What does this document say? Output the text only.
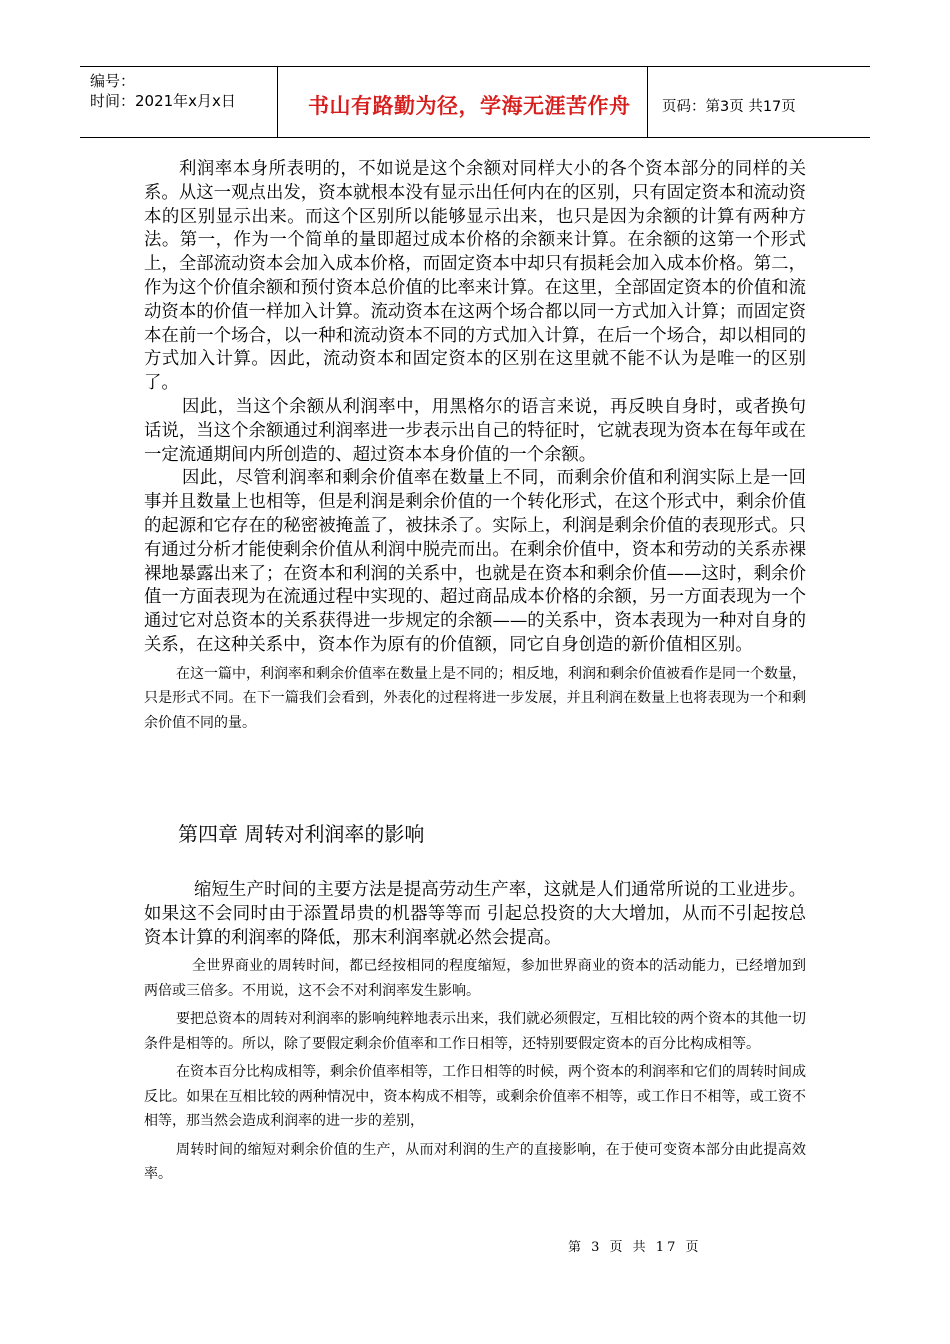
编号：
时间：2021年x月x日	书山有路勤为径，学海无涯苦作舟 页码：第3页 共17页

利润率本身所表明的，不如说是这个余额对同样大小的各个资本部分的同样的关系。从这一观点出发，资本就根本没有显示出任何内在的区别，只有固定资本和流动资本的区别显示出来。而这个区别所以能够显示出来，也只是因为余额的计算有两种方法。第一，作为一个简单的量即超过成本价格的余额来计算。在余额的这第一个形式上，全部流动资本会加入成本价格，而固定资本中却只有损耗会加入成本价格。第二，作为这个价值余额和预付资本总价值的比率来计算。在这里，全部固定资本的价值和流动资本的价值一样加入计算。流动资本在这两个场合都以同一方式加入计算；而固定资本在前一个场合，以一种和流动资本不同的方式加入计算，在后一个场合，却以相同的方式加入计算。因此，流动资本和固定资本的区别在这里就不能不认为是唯一的区别了。

因此，当这个余额从利润率中，用黑格尔的语言来说，再反映自身时，或者换句话说，当这个余额通过利润率进一步表示出自己的特征时，它就表现为资本在每年或在一定流通期间内所创造的、超过资本本身价值的一个余额。

因此，尽管利润率和剩余价值率在数量上不同，而剩余价值和利润实际上是一回事并且数量上也相等，但是利润是剩余价值的一个转化形式，在这个形式中，剩余价值的起源和它存在的秘密被掩盖了，被抹杀了。实际上，利润是剩余价值的表现形式。只有通过分析才能使剩余价值从利润中脱壳而出。在剩余价值中，资本和劳动的关系赤裸裸地暴露出来了；在资本和利润的关系中，也就是在资本和剩余价值——这时，剩余价值一方面表现为在流通过程中实现的、超过商品成本价格的余额，另一方面表现为一个通过它对总资本的关系获得进一步规定的余额——的关系中，资本表现为一种对自身的关系，在这种关系中，资本作为原有的价值额，同它自身创造的新价值相区别。

在这一篇中，利润率和剩余价值率在数量上是不同的；相反地，利润和剩余价值被看作是同一个数量，只是形式不同。在下一篇我们会看到，外表化的过程将进一步发展，并且利润在数量上也将表现为一个和剩余价值不同的量。

第四章 周转对利润率的影响

缩短生产时间的主要方法是提高劳动生产率，这就是人们通常所说的工业进步。如果这不会同时由于添置昂贵的机器等等而 引起总投资的大大增加，从而不引起按总资本计算的利润率的降低，那末利润率就必然会提高。

全世界商业的周转时间，都已经按相同的程度缩短，参加世界商业的资本的活动能力，已经增加到两倍或三倍多。不用说，这不会不对利润率发生影响。

要把总资本的周转对利润率的影响纯粹地表示出来，我们就必须假定，互相比较的两个资本的其他一切条件是相等的。所以，除了要假定剩余价值率和工作日相等，还特别要假定资本的百分比构成相等。

在资本百分比构成相等，剩余价值率相等，工作日相等的时候，两个资本的利润率和它们的周转时间成反比。如果在互相比较的两种情况中，资本构成不相等，或剩余价值率不相等，或工作日不相等，或工资不相等，那当然会造成利润率的进一步的差别，

周转时间的缩短对剩余价值的生产，从而对利润的生产的直接影响，在于使可变资本部分由此提高效率。

第 3 页 共 17 页
